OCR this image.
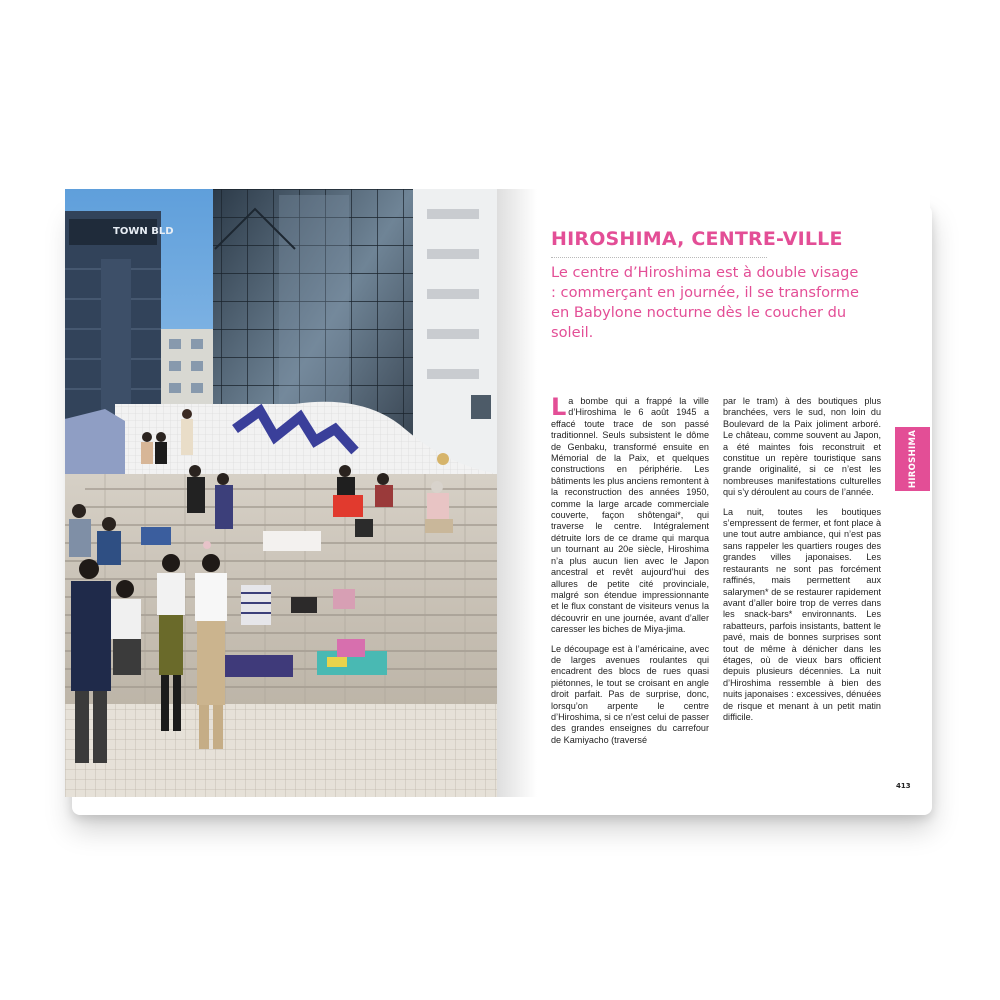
TOWN BLD	HIROSHIMA, CENTRE-VILLE

Le centre d’Hiroshima est à double visage : commerçant en journée, il se transforme en Babylone nocturne dès le coucher du soleil.

La bombe qui a frappé la ville d’Hiroshima le 6 août 1945 a effacé toute trace de son passé traditionnel. Seuls subsistent le dôme de Genbaku, transformé ensuite en Mémorial de la Paix, et quelques constructions en périphérie. Les bâtiments les plus anciens remontent à la reconstruction des années 1950, comme la large arcade commerciale couverte, façon shôtengai*, qui traverse le centre. Intégralement détruite lors de ce drame qui marqua un tournant au 20e siècle, Hiroshima n’a plus aucun lien avec le Japon ancestral et revêt aujourd’hui des allures de petite cité provinciale, malgré son étendue impressionnante et le flux constant de visiteurs venus la découvrir en une journée, avant d’aller caresser les biches de Miya-jima.

Le découpage est à l’américaine, avec de larges avenues roulantes qui encadrent des blocs de rues quasi piétonnes, le tout se croisant en angle droit parfait. Pas de surprise, donc, lorsqu’on arpente le centre d’Hiroshima, si ce n’est celui de passer des grandes enseignes du carrefour de Kamiyacho (traversé

par le tram) à des boutiques plus branchées, vers le sud, non loin du Boulevard de la Paix joliment arboré. Le château, comme souvent au Japon, a été maintes fois reconstruit et constitue un repère touristique sans grande originalité, si ce n’est les nombreuses manifestations culturelles qui s’y déroulent au cours de l’année.

La nuit, toutes les boutiques s’empressent de fermer, et font place à une tout autre ambiance, qui n’est pas sans rappeler les quartiers rouges des grandes villes japonaises. Les restaurants ne sont pas forcément raffinés, mais permettent aux salarymen* de se restaurer rapidement avant d’aller boire trop de verres dans les snack-bars* environnants. Les rabatteurs, parfois insistants, battent le pavé, mais de bonnes surprises sont tout de même à dénicher dans les étages, où de vieux bars officient depuis plusieurs décennies. La nuit d’Hiroshima ressemble à bien des nuits japonaises : excessives, dénuées de risque et menant à un petit matin difficile.

HIROSHIMA
413
